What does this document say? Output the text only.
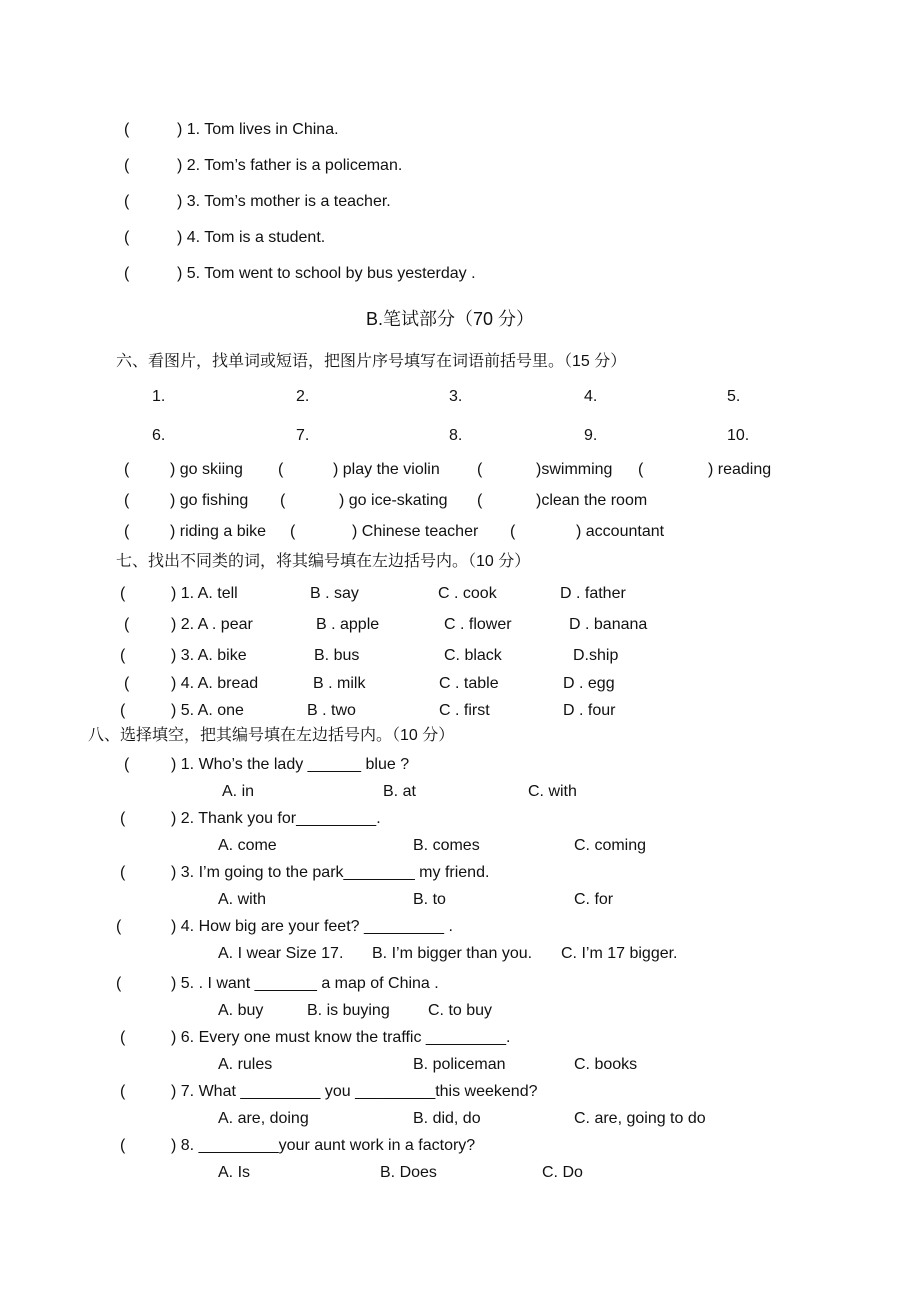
(	) 1. Tom lives in China.
(	) 2. Tom’s father is a policeman.
(	) 3. Tom’s mother is a teacher.
(	) 4. Tom is a student.
(	) 5. Tom went to school by bus yesterday .
B.笔试部分（70 分）
六、看图片，找单词或短语，把图片序号填写在词语前括号里。（15 分）
1.	2.	3.	4.	5.
6.	7.	8.	9.	10.
(	) go skiing (	) play the violin (	)swimming (	) reading
(	) go fishing (	) go ice-skating (	)clean the room
(	) riding a bike (	) Chinese teacher (	) accountant
七、找出不同类的词，将其编号填在左边括号内。（10 分）
(	) 1. A. tell	B . say	C . cook	D . father
(	) 2. A . pear	B . apple	C . flower	D . banana
(	) 3. A. bike	B. bus	C. black	D.ship
(	) 4. A. bread	B . milk	C . table	D . egg
(	) 5. A. one	B . two	C . first	D . four
八、选择填空，把其编号填在左边括号内。（10 分）
(	) 1. Who’s the lady ______ blue ?
A. in	B. at	C. with
(	) 2. Thank you for_________.
A. come	B. comes	C. coming
(	) 3. I’m going to the park________ my friend.
A. with	B. to	C. for
(	) 4. How big are your feet? _________ .
A. I wear Size 17. B. I’m bigger than you. C. I’m 17 bigger.
(	) 5. . I want _______ a map of China .
A. buy	B. is buying C. to buy
(	) 6. Every one must know the traffic _________.
A. rules	B. policeman	C. books
(	) 7. What _________ you _________this weekend?
A. are, doing	B. did, do	C. are, going to do
(	) 8. _________your aunt work in a factory?
A. Is	B. Does	C. Do
